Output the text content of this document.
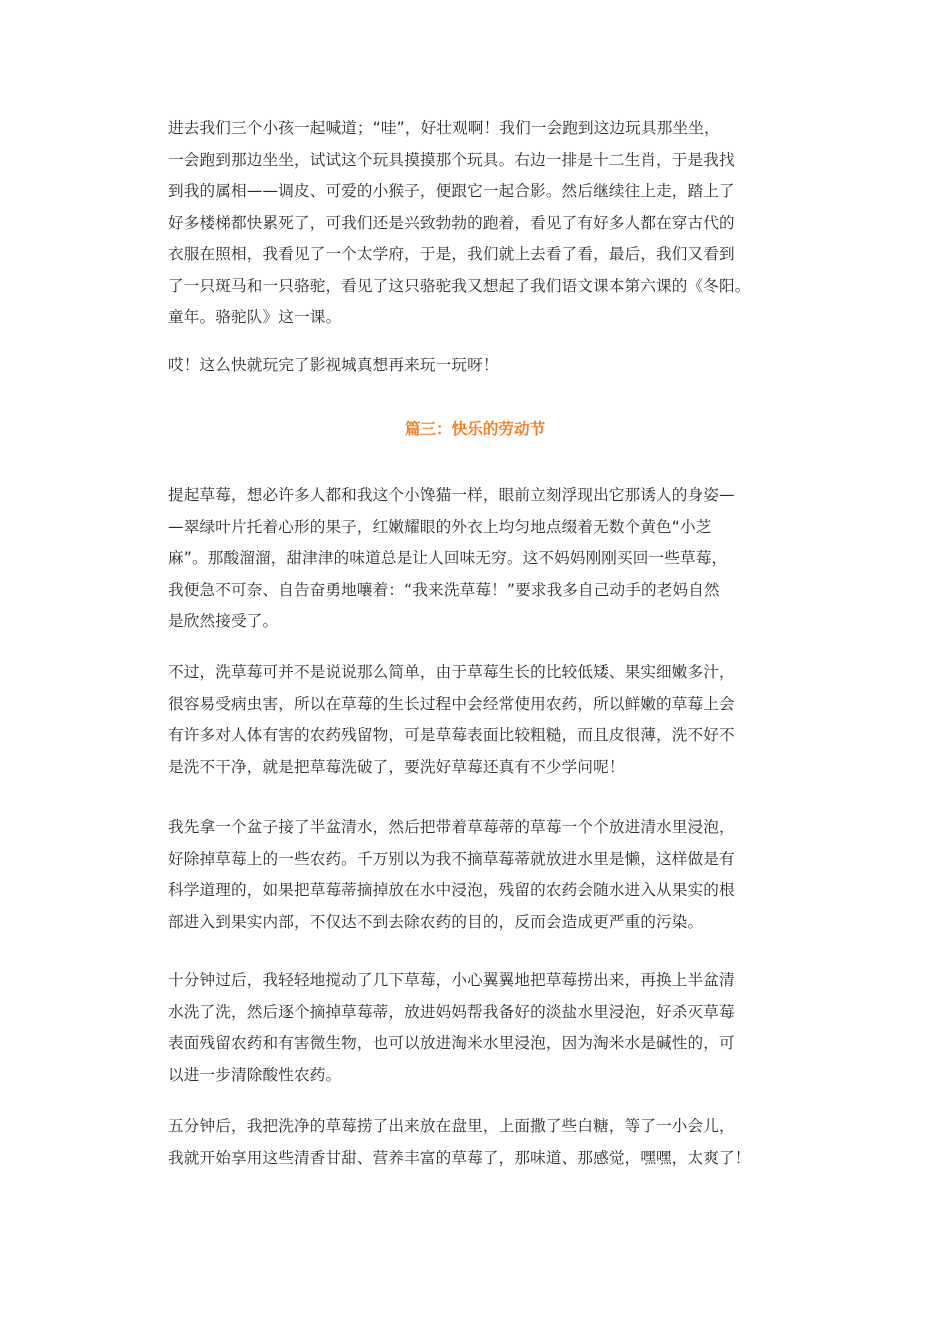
进去我们三个小孩一起喊道；“哇”，好壮观啊！我们一会跑到这边玩具那坐坐，
一会跑到那边坐坐，试试这个玩具摸摸那个玩具。右边一排是十二生肖，于是我找
到我的属相——调皮、可爱的小猴子，便跟它一起合影。然后继续往上走，踏上了
好多楼梯都快累死了，可我们还是兴致勃勃的跑着，看见了有好多人都在穿古代的
衣服在照相，我看见了一个太学府，于是，我们就上去看了看，最后，我们又看到
了一只斑马和一只骆驼，看见了这只骆驼我又想起了我们语文课本第六课的《冬阳。
童年。骆驼队》这一课。
哎！这么快就玩完了影视城真想再来玩一玩呀！
篇三：快乐的劳动节
提起草莓，想必许多人都和我这个小馋猫一样，眼前立刻浮现出它那诱人的身姿—
—翠绿叶片托着心形的果子，红嫩耀眼的外衣上均匀地点缀着无数个黄色“小芝
麻”。那酸溜溜，甜津津的味道总是让人回味无穷。这不妈妈刚刚买回一些草莓，
我便急不可奈、自告奋勇地嚷着：“我来洗草莓！”要求我多自己动手的老妈自然
是欣然接受了。
不过，洗草莓可并不是说说那么简单，由于草莓生长的比较低矮、果实细嫩多汁，
很容易受病虫害，所以在草莓的生长过程中会经常使用农药，所以鲜嫩的草莓上会
有许多对人体有害的农药残留物，可是草莓表面比较粗糙，而且皮很薄，洗不好不
是洗不干净，就是把草莓洗破了，要洗好草莓还真有不少学问呢！
我先拿一个盆子接了半盆清水，然后把带着草莓蒂的草莓一个个放进清水里浸泡，
好除掉草莓上的一些农药。千万别以为我不摘草莓蒂就放进水里是懒，这样做是有
科学道理的，如果把草莓蒂摘掉放在水中浸泡，残留的农药会随水进入从果实的根
部进入到果实内部，不仅达不到去除农药的目的，反而会造成更严重的污染。
十分钟过后，我轻轻地搅动了几下草莓，小心翼翼地把草莓捞出来，再换上半盆清
水洗了洗，然后逐个摘掉草莓蒂，放进妈妈帮我备好的淡盐水里浸泡，好杀灭草莓
表面残留农药和有害微生物，也可以放进淘米水里浸泡，因为淘米水是碱性的，可
以进一步清除酸性农药。
五分钟后，我把洗净的草莓捞了出来放在盘里，上面撒了些白糖，等了一小会儿，
我就开始享用这些清香甘甜、营养丰富的草莓了，那味道、那感觉，嘿嘿，太爽了！
